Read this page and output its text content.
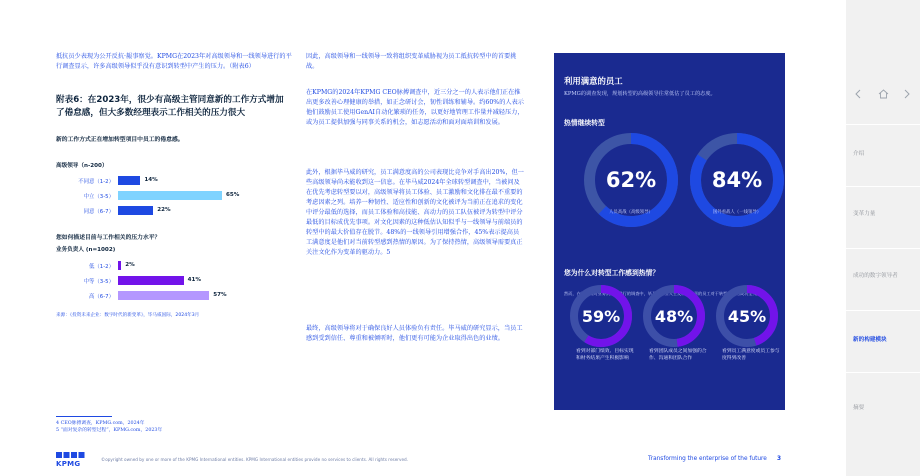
抵抗员少表现为公开反抗·赧事察觉。KPMG在2023年对高级领导和一线领导进行的平行调查显示，许多高级领导似乎没有意识到转型中产生的压力。（附表6）

附表6：在2023年，很少有高级主管同意新的工作方式增加了倦怠感，但大多数经理表示工作相关的压力很大

新的工作方式正在增加转型项目中员工的倦怠感。

高级领导（n-200）

不同意（1-2）	14%
中立（3-5）	65%
同意（6-7）	22%

您如何描述目前与工作相关的压力水平？

业务负责人 (n=1002)

低（1-2） 2%
中等（3-5）	41%
高（6-7）	57%

来源：《投资未来企业：数字时代的新变革》，毕马威国际，2024年3月

因此，高级领导和一线领导一致将组织变革威胁视为员工抵抗转型中的首要挑战。

在KPMG的2024年KPMG CEO脉搏调查中，近三分之一的人表示他们正在推出更多改善心理健康的举措，如正念研讨会，韧性训练和辅导。约60%的人表示他们鼓励员工使用GenAI自动化繁琐的任务，以更好地管理工作量并减轻压力，或为员工提供加强与同事关系的机会，如志愿活动和面对面培训和发展。

此外，根据毕马威的研究，员工满意度高的公司表现比竞争对手高出20%，但一些高级领导尚未能收到这一信息。在毕马威2024年全球转型调查中，当被问及在优先考虑转型要以对，高级领导将员工体验、员工激励和文化排在最不重要的考虑因素之列。培养一种韧性、适应性和创新的文化被评为当前正在追求的变化中评分最低的选择，而员工体验和高技能、高动力的员工队伍被评为转型中评分最低的目标成优先事项。对文化因素的这种低估认知似乎与一线领导与前端员的转型中的最大价值存在脱节。48%的一线领导引用增强合作，45%表示提高员工满意度是他们对当前转型感到热情的原因。为了保持热情，高级领导需要真正关注文化作为变革的驱动力。5

最终，高级领导将对于确保良好人员体验负有责任。毕马威的研究显示，当员工感到受到信任、尊重和被倾听时，他们更有可能为企业取得出色的业绩。

利用满意的员工
KPMG的调查发现，规划转型的高级领导往常低估了员工的态度。
热情继续转型
62%
人员高战（高级领导）
84%
国外看战人（一线领导）
然而，在毕马威对业务负责人进行的调查中，毕马威专业人士发现，满意的员工对于转型工作的成功至关重要。
您为什么对转型工作感到热情？
59%
看到对部门绩效、目标实现和财务结果产生积极影响
48%
看到团队成员之间加强的合作、沟通和团队合作
45%
看到员工满意度或员工参与度得到改善
4 CEO脉搏调查，KPMG.com，2024年
5 “面对复杂的转型过程”，KPMG.com，2023年
KPMG
©opyright owned by one or more of the KPMG International entities. KPMG International entities provide no services to clients. All rights reserved.	Transforming the enterprise of the future 3
介绍
变革力量
成功的数字领导者
新的构建模块
摘要
